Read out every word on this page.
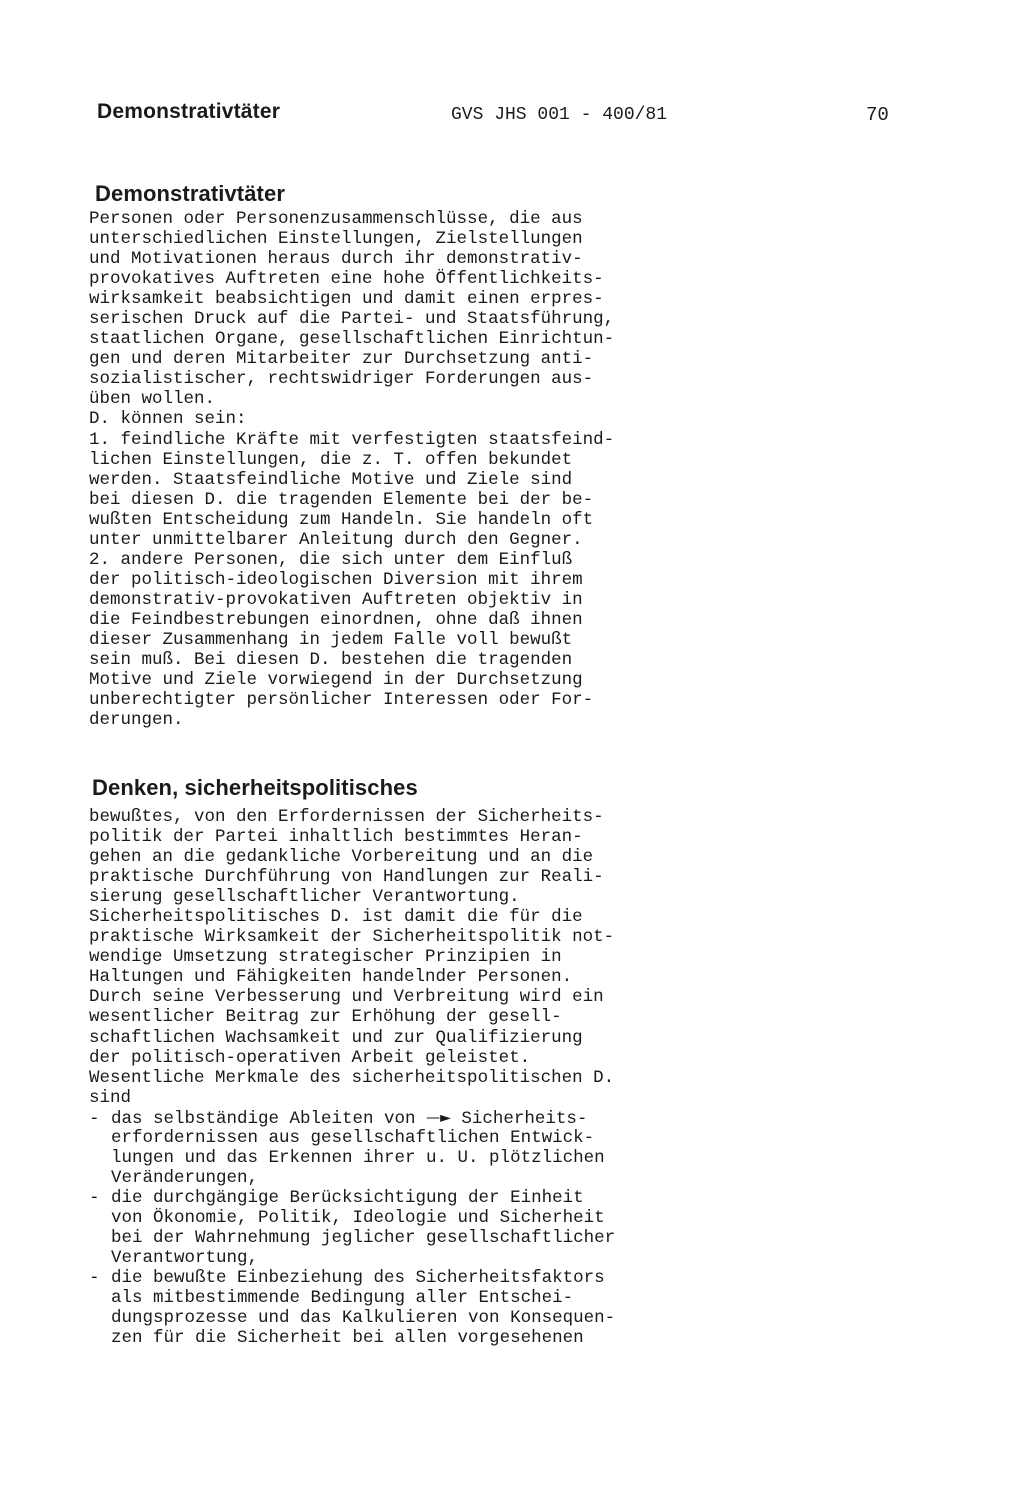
Demonstrativtäter	GVS JHS 001 - 400/81	70
Demonstrativtäter
Personen oder Personenzusammenschlüsse, die aus
unterschiedlichen Einstellungen, Zielstellungen
und Motivationen heraus durch ihr demonstrativ-
provokatives Auftreten eine hohe Öffentlichkeits-
wirksamkeit beabsichtigen und damit einen erpres-
serischen Druck auf die Partei- und Staatsführung,
staatlichen Organe, gesellschaftlichen Einrichtun-
gen und deren Mitarbeiter zur Durchsetzung anti-
sozialistischer, rechtswidriger Forderungen aus-
üben wollen.
D. können sein:
1. feindliche Kräfte mit verfestigten staatsfeind-
lichen Einstellungen, die z. T. offen bekundet
werden. Staatsfeindliche Motive und Ziele sind
bei diesen D. die tragenden Elemente bei der be-
wußten Entscheidung zum Handeln. Sie handeln oft
unter unmittelbarer Anleitung durch den Gegner.
2. andere Personen, die sich unter dem Einfluß
der politisch-ideologischen Diversion mit ihrem
demonstrativ-provokativen Auftreten objektiv in
die Feindbestrebungen einordnen, ohne daß ihnen
dieser Zusammenhang in jedem Falle voll bewußt
sein muß. Bei diesen D. bestehen die tragenden
Motive und Ziele vorwiegend in der Durchsetzung
unberechtigter persönlicher Interessen oder For-
derungen.
Denken, sicherheitspolitisches
bewußtes, von den Erfordernissen der Sicherheits-
politik der Partei inhaltlich bestimmtes Heran-
gehen an die gedankliche Vorbereitung und an die
praktische Durchführung von Handlungen zur Reali-
sierung gesellschaftlicher Verantwortung.
Sicherheitspolitisches D. ist damit die für die
praktische Wirksamkeit der Sicherheitspolitik not-
wendige Umsetzung strategischer Prinzipien in
Haltungen und Fähigkeiten handelnder Personen.
Durch seine Verbesserung und Verbreitung wird ein
wesentlicher Beitrag zur Erhöhung der gesell-
schaftlichen Wachsamkeit und zur Qualifizierung
der politisch-operativen Arbeit geleistet.
Wesentliche Merkmale des sicherheitspolitischen D.
sind
- das selbständige Ableiten von —► Sicherheits-
erfordernissen aus gesellschaftlichen Entwick-
lungen und das Erkennen ihrer u. U. plötzlichen
Veränderungen,
- die durchgängige Berücksichtigung der Einheit
von Ökonomie, Politik, Ideologie und Sicherheit
bei der Wahrnehmung jeglicher gesellschaftlicher
Verantwortung,
- die bewußte Einbeziehung des Sicherheitsfaktors
als mitbestimmende Bedingung aller Entschei-
dungsprozesse und das Kalkulieren von Konsequen-
zen für die Sicherheit bei allen vorgesehenen
